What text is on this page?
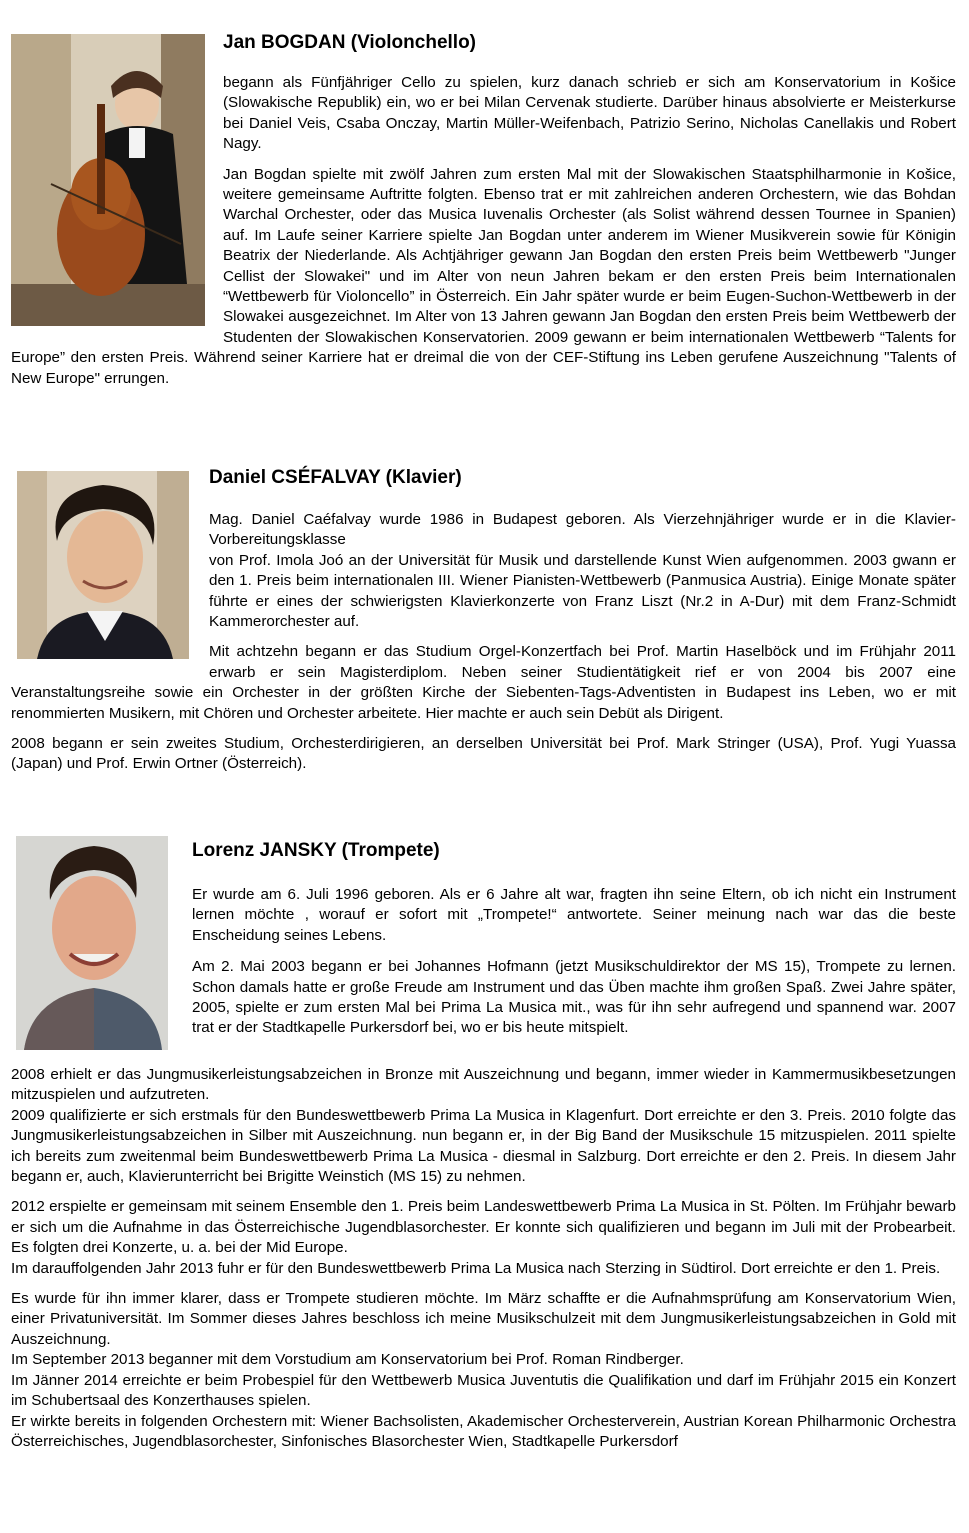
Jan BOGDAN (Violonchello)

begann als Fünfjähriger Cello zu spielen, kurz danach schrieb er sich am Konservatorium in Košice (Slowakische Republik) ein, wo er bei Milan Cervenak studierte. Darüber hinaus absolvierte er Meisterkurse bei Daniel Veis, Csaba Onczay, Martin Müller-Weifenbach, Patrizio Serino, Nicholas Canellakis und Robert Nagy.

Jan Bogdan spielte mit zwölf Jahren zum ersten Mal mit der Slowakischen Staatsphilharmonie in Košice, weitere gemeinsame Auftritte folgten. Ebenso trat er mit zahlreichen anderen Orchestern, wie das Bohdan Warchal Orchester, oder das Musica Iuvenalis Orchester (als Solist während dessen Tournee in Spanien) auf. Im Laufe seiner Karriere spielte Jan Bogdan unter anderem im Wiener Musikverein sowie für Königin Beatrix der Niederlande. Als Achtjähriger gewann Jan Bogdan den ersten Preis beim Wettbewerb "Junger Cellist der Slowakei" und im Alter von neun Jahren bekam er den ersten Preis beim Internationalen “Wettbewerb für Violoncello” in Österreich. Ein Jahr später wurde er beim Eugen-Suchon-Wettbewerb in der Slowakei ausgezeichnet. Im Alter von 13 Jahren gewann Jan Bogdan den ersten Preis beim Wettbewerb der Studenten der Slowakischen Konservatorien. 2009 gewann er beim internationalen Wettbewerb “Talents for Europe” den ersten Preis. Während seiner Karriere hat er dreimal die von der CEF-Stiftung ins Leben gerufene Auszeichnung "Talents of New Europe" errungen.

Daniel CSÉFALVAY (Klavier)

Mag. Daniel Caéfalvay wurde 1986 in Budapest geboren. Als Vierzehnjähriger wurde er in die Klavier-Vorbereitungsklasse

von Prof. Imola Joó an der Universität für Musik und darstellende Kunst Wien aufgenommen. 2003 gwann er den 1. Preis beim internationalen III. Wiener Pianisten-Wettbewerb (Panmusica Austria). Einige Monate später führte er eines der schwierigsten Klavierkonzerte von Franz Liszt (Nr.2 in A-Dur) mit dem Franz-Schmidt Kammerorchester auf.

Mit achtzehn begann er das Studium Orgel-Konzertfach bei Prof. Martin Haselböck und im Frühjahr 2011 erwarb er sein Magisterdiplom. Neben seiner Studientätigkeit rief er von 2004 bis 2007 eine Veranstaltungsreihe sowie ein Orchester in der größten Kirche der Siebenten-Tags-Adventisten in Budapest ins Leben, wo er mit renommierten Musikern, mit Chören und Orchester arbeitete. Hier machte er auch sein Debüt als Dirigent.

2008 begann er sein zweites Studium, Orchesterdirigieren, an derselben Universität bei Prof. Mark Stringer (USA), Prof. Yugi Yuassa (Japan) und Prof. Erwin Ortner (Österreich).

Lorenz JANSKY (Trompete)

Er wurde am 6. Juli 1996 geboren. Als er 6 Jahre alt war, fragten ihn seine Eltern, ob ich nicht ein Instrument lernen möchte , worauf er sofort mit „Trompete!“ antwortete. Seiner meinung nach war das die beste Enscheidung seines Lebens.

Am 2. Mai 2003 begann er bei Johannes Hofmann (jetzt Musikschuldirektor der MS 15), Trompete zu lernen. Schon damals hatte er große Freude am Instrument und das Üben machte ihm großen Spaß. Zwei Jahre später, 2005, spielte er zum ersten Mal bei Prima La Musica mit., was für ihn sehr aufregend und spannend war. 2007 trat er der Stadtkapelle Purkersdorf bei, wo er bis heute mitspielt.

2008 erhielt er das Jungmusikerleistungsabzeichen in Bronze mit Auszeichnung und begann, immer wieder in Kammermusikbesetzungen mitzuspielen und aufzutreten.

2009 qualifizierte er sich erstmals für den Bundeswettbewerb Prima La Musica in Klagenfurt. Dort erreichte er den 3. Preis. 2010 folgte das Jungmusikerleistungsabzeichen in Silber mit Auszeichnung. nun begann er, in der Big Band der Musikschule 15 mitzuspielen. 2011 spielte ich bereits zum zweitenmal beim Bundeswettbewerb Prima La Musica - diesmal in Salzburg. Dort erreichte er den 2. Preis. In diesem Jahr begann er, auch, Klavierunterricht bei Brigitte Weinstich (MS 15) zu nehmen.

2012 erspielte er gemeinsam mit seinem Ensemble den 1. Preis beim Landeswettbewerb Prima La Musica in St. Pölten. Im Frühjahr bewarb er sich um die Aufnahme in das Österreichische Jugendblasorchester. Er konnte sich qualifizieren und begann im Juli mit der Probearbeit. Es folgten drei Konzerte, u. a. bei der Mid Europe.

Im darauffolgenden Jahr 2013 fuhr er für den Bundeswettbewerb Prima La Musica nach Sterzing in Südtirol. Dort erreichte er den 1. Preis.

Es wurde für ihn immer klarer, dass er Trompete studieren möchte. Im März schaffte er die Aufnahmsprüfung am Konservatorium Wien, einer Privatuniversität. Im Sommer dieses Jahres beschloss ich meine Musikschulzeit mit dem Jungmusikerleistungsabzeichen in Gold mit Auszeichnung.

Im September 2013 beganner mit dem Vorstudium am Konservatorium bei Prof. Roman Rindberger.

Im Jänner 2014 erreichte er beim Probespiel für den Wettbewerb Musica Juventutis die Qualifikation und darf im Frühjahr 2015 ein Konzert im Schubertsaal des Konzerthauses spielen.

Er wirkte bereits in folgenden Orchestern mit: Wiener Bachsolisten, Akademischer Orchesterverein, Austrian Korean Philharmonic Orchestra Österreichisches, Jugendblasorchester, Sinfonisches Blasorchester Wien, Stadtkapelle Purkersdorf
